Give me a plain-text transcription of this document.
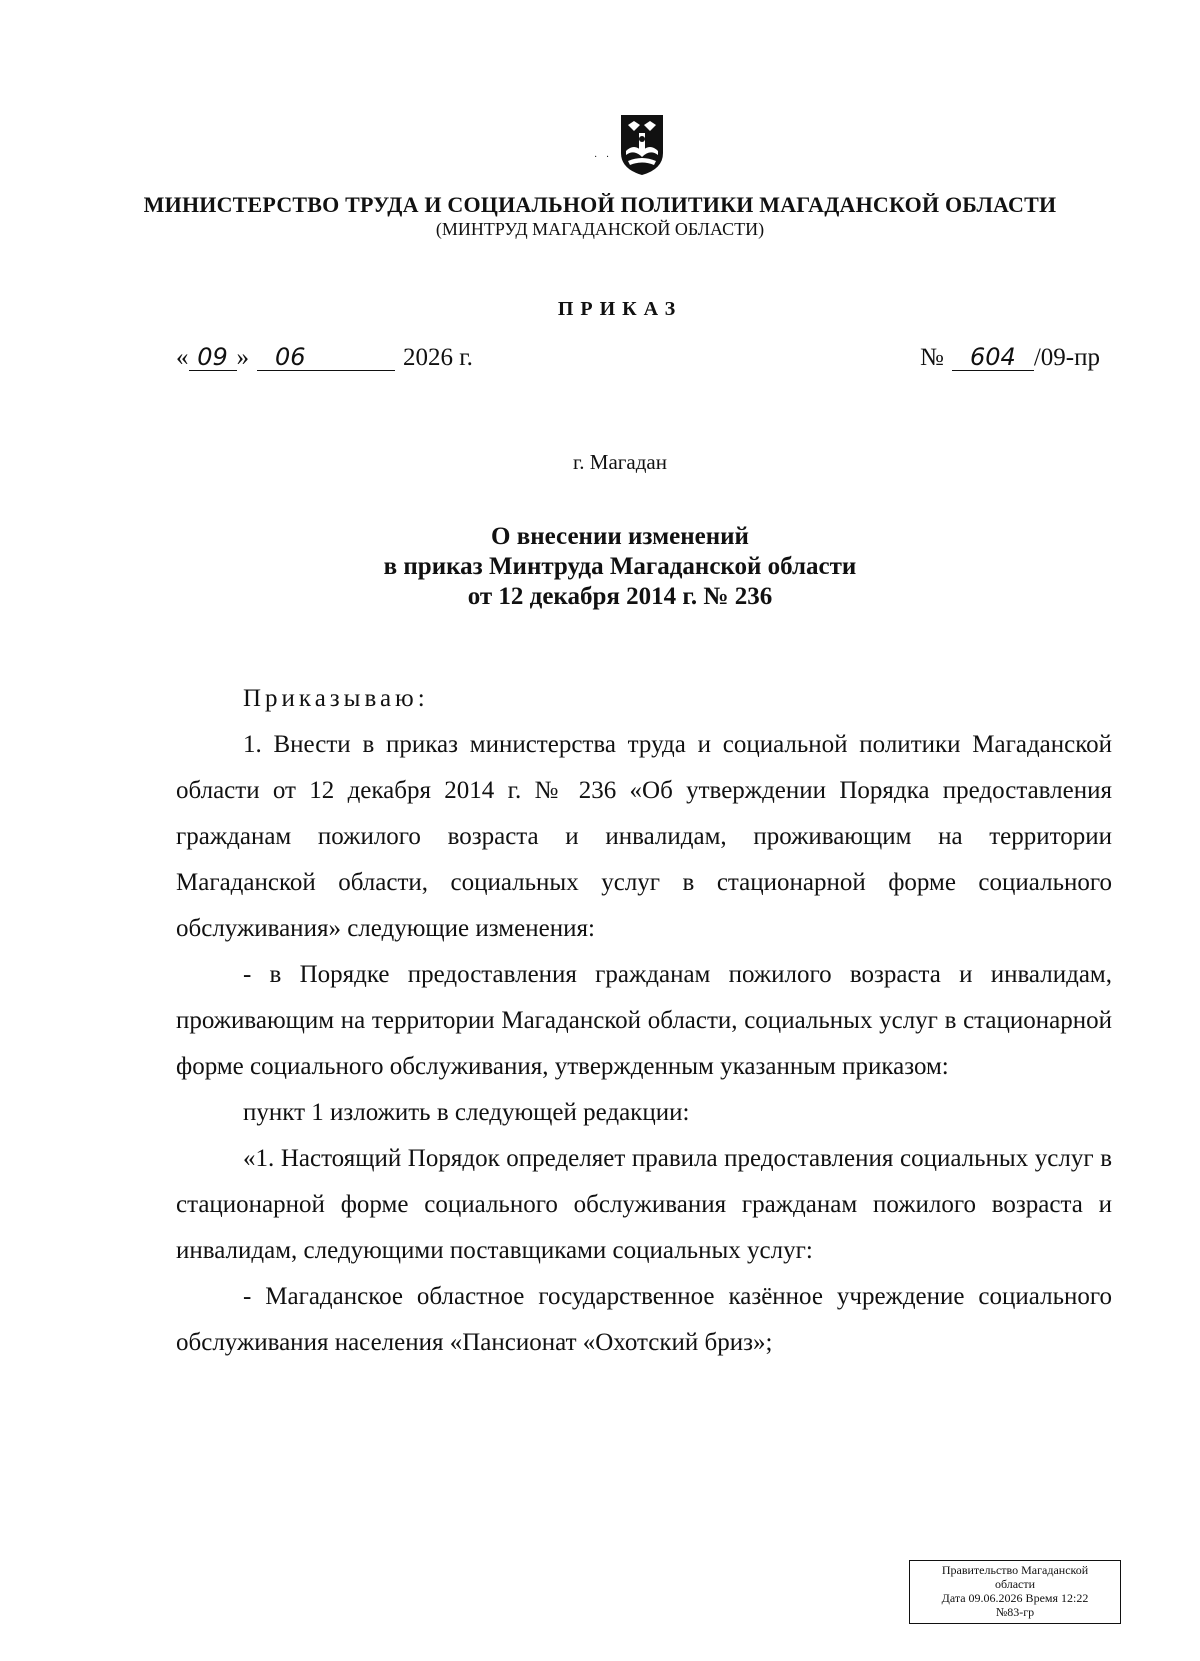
· ·
МИНИСТЕРСТВО ТРУДА И СОЦИАЛЬНОЙ ПОЛИТИКИ МАГАДАНСКОЙ ОБЛАСТИ
(МИНТРУД МАГАДАНСКОЙ ОБЛАСТИ)
ПРИКАЗ
« 09 » 06	2026 г.	№ 604 /09-пр
г. Магадан
О внесении изменений
в приказ Минтруда Магаданской области
от 12 декабря 2014 г. № 236

Приказываю:

1. Внести в приказ министерства труда и социальной политики Магаданской области от 12 декабря 2014 г. № 236 «Об утверждении Порядка предоставления гражданам пожилого возраста и инвалидам, проживающим на территории Магаданской области, социальных услуг в стационарной форме социального обслуживания» следующие изменения:

- в Порядке предоставления гражданам пожилого возраста и инвалидам, проживающим на территории Магаданской области, социальных услуг в стационарной форме социального обслуживания, утвержденным указанным приказом:

пункт 1 изложить в следующей редакции:

«1. Настоящий Порядок определяет правила предоставления социальных услуг в стационарной форме социального обслуживания гражданам пожилого возраста и инвалидам, следующими поставщиками социальных услуг:

- Магаданское областное государственное казённое учреждение социального обслуживания населения «Пансионат «Охотский бриз»;

Правительство Магаданской
области
Дата 09.06.2026 Время 12:22
№83-гр
